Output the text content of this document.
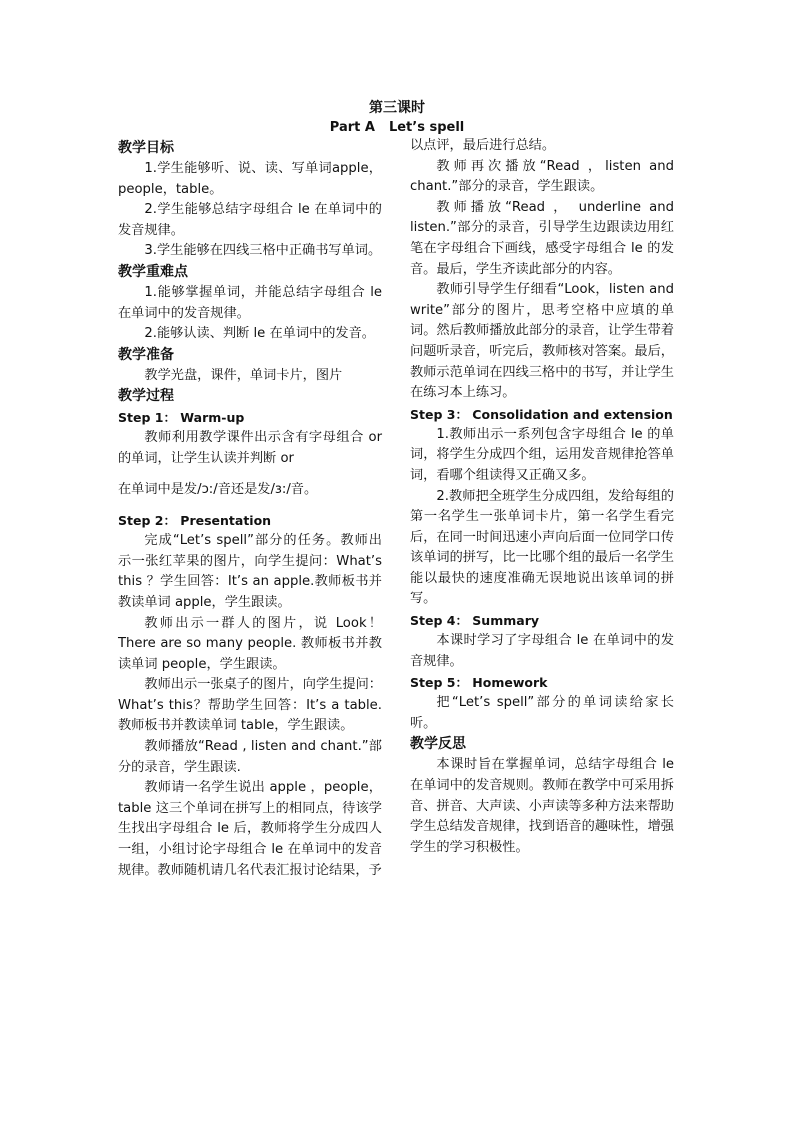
第三课时
Part A Let’s spell

教学目标

1.学生能够听、说、读、写单词apple，people，table。

2.学生能够总结字母组合 le 在单词中的发音规律。

3.学生能够在四线三格中正确书写单词。

教学重难点

1.能够掌握单词，并能总结字母组合 le 在单词中的发音规律。

2.能够认读、判断 le 在单词中的发音。

教学准备

教学光盘，课件，单词卡片，图片

教学过程

Step 1： Warm-up

教师利用教学课件出示含有字母组合 or 的单词，让学生认读并判断 or

在单词中是发/ɔ:/音还是发/ɜ:/音。

Step 2： Presentation

完成“Let’s spell”部分的任务。教师出示一张红苹果的图片，向学生提问：What’s this ？学生回答：It’s an apple.教师板书并教读单词 apple，学生跟读。

教师出示一群人的图片，说 Look！There are so many people. 教师板书并教读单词 people，学生跟读。

教师出示一张桌子的图片，向学生提问：What’s this？帮助学生回答：It’s a table.教师板书并教读单词 table，学生跟读。

教师播放“Read , listen and chant.”部分的录音，学生跟读.

教师请一名学生说出 apple ，people，table 这三个单词在拼写上的相同点，待该学生找出字母组合 le 后，教师将学生分成四人一组，小组讨论字母组合 le 在单词中的发音规律。教师随机请几名代表汇报讨论结果，予

以点评，最后进行总结。

教师再次播放“Read ，listen and chant.”部分的录音，学生跟读。

教师播放“Read ， underline and listen.”部分的录音，引导学生边跟读边用红笔在字母组合下画线，感受字母组合 le 的发音。最后，学生齐读此部分的内容。

教师引导学生仔细看“Look，listen and write”部分的图片，思考空格中应填的单词。然后教师播放此部分的录音，让学生带着问题听录音，听完后，教师核对答案。最后，教师示范单词在四线三格中的书写，并让学生在练习本上练习。

Step 3： Consolidation and extension

1.教师出示一系列包含字母组合 le 的单词，将学生分成四个组，运用发音规律抢答单词，看哪个组读得又正确又多。

2.教师把全班学生分成四组，发给每组的第一名学生一张单词卡片，第一名学生看完后，在同一时间迅速小声向后面一位同学口传该单词的拼写，比一比哪个组的最后一名学生能以最快的速度准确无误地说出该单词的拼写。

Step 4： Summary

本课时学习了字母组合 le 在单词中的发音规律。

Step 5： Homework

把“Let’s spell”部分的单词读给家长听。

教学反思

本课时旨在掌握单词，总结字母组合 le 在单词中的发音规则。教师在教学中可采用拆音、拼音、大声读、小声读等多种方法来帮助学生总结发音规律，找到语音的趣味性，增强学生的学习积极性。
